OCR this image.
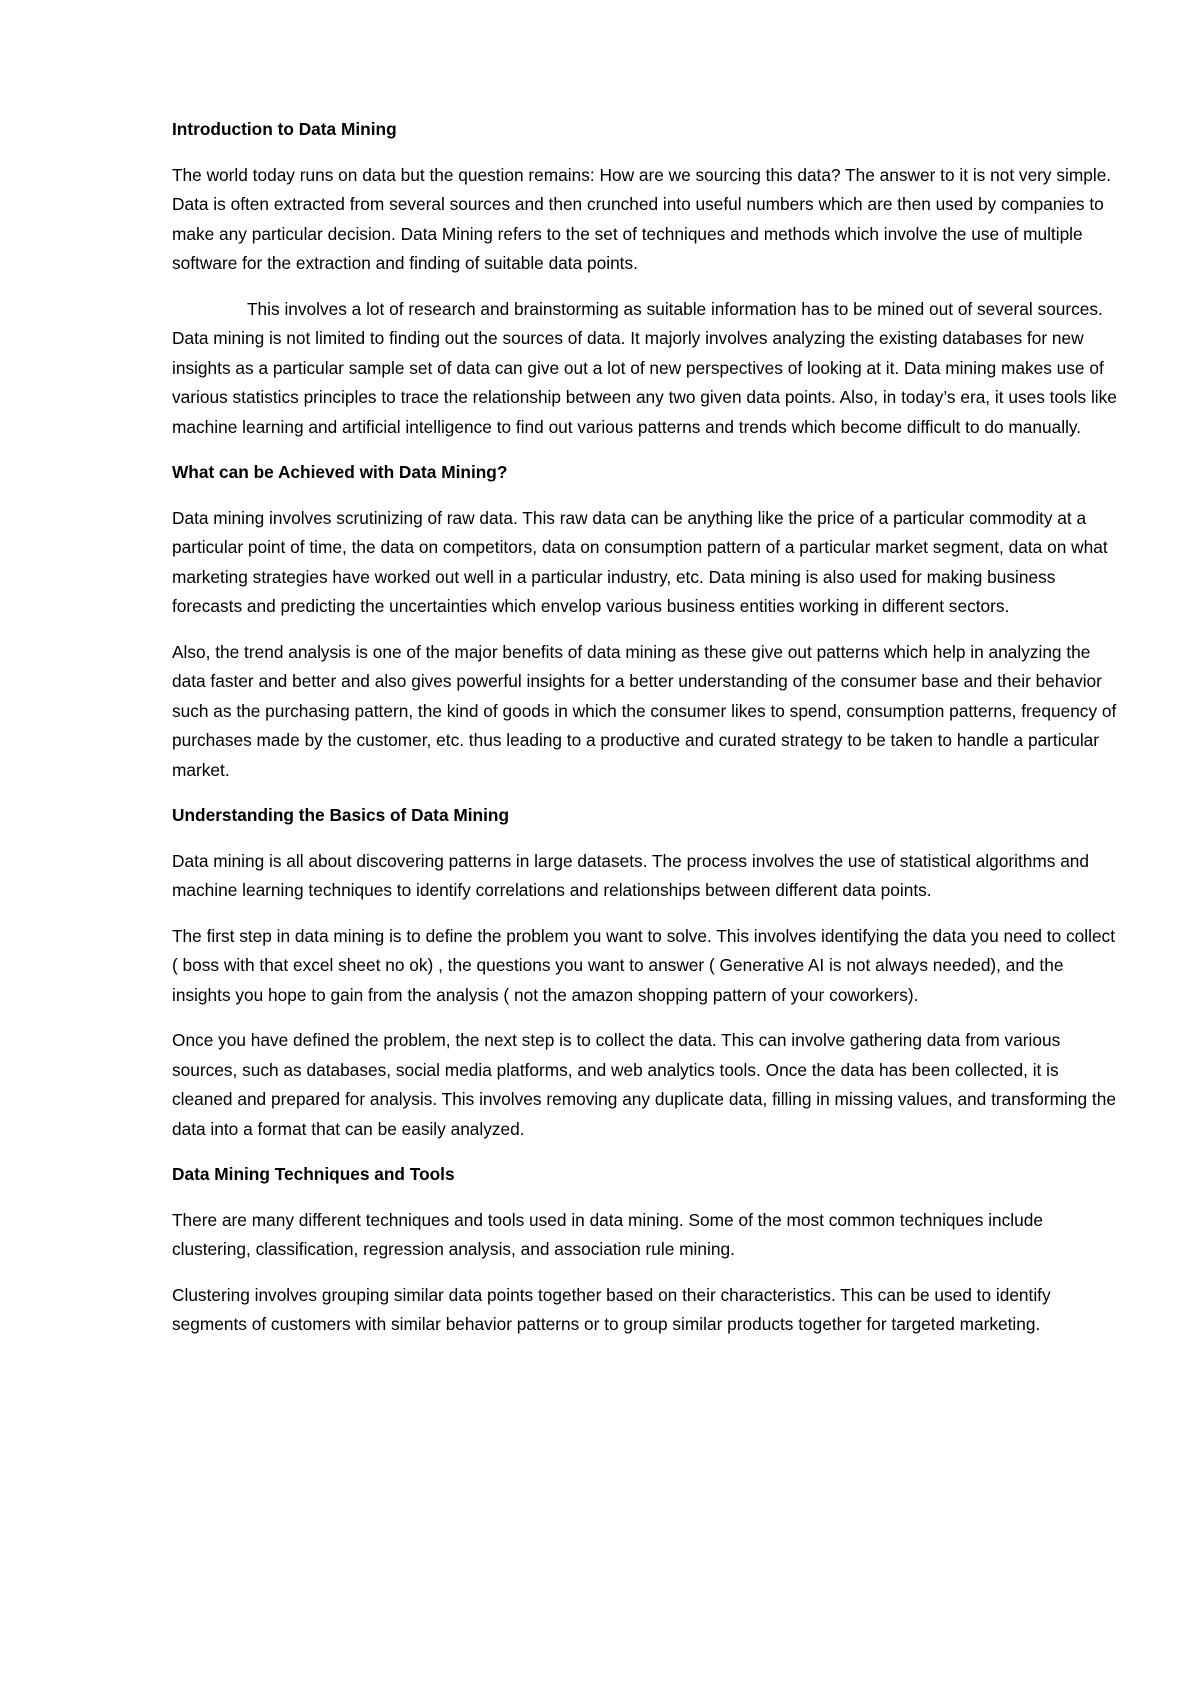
Introduction to Data Mining

The world today runs on data but the question remains: How are we sourcing this data? The answer to it is not very simple. Data is often extracted from several sources and then crunched into useful numbers which are then used by companies to make any particular decision. Data Mining refers to the set of techniques and methods which involve the use of multiple software for the extraction and finding of suitable data points.

This involves a lot of research and brainstorming as suitable information has to be mined out of several sources. Data mining is not limited to finding out the sources of data. It majorly involves analyzing the existing databases for new insights as a particular sample set of data can give out a lot of new perspectives of looking at it. Data mining makes use of various statistics principles to trace the relationship between any two given data points. Also, in today’s era, it uses tools like machine learning and artificial intelligence to find out various patterns and trends which become difficult to do manually.

What can be Achieved with Data Mining?

Data mining involves scrutinizing of raw data. This raw data can be anything like the price of a particular commodity at a particular point of time, the data on competitors, data on consumption pattern of a particular market segment, data on what marketing strategies have worked out well in a particular industry, etc. Data mining is also used for making business forecasts and predicting the uncertainties which envelop various business entities working in different sectors.

Also, the trend analysis is one of the major benefits of data mining as these give out patterns which help in analyzing the data faster and better and also gives powerful insights for a better understanding of the consumer base and their behavior such as the purchasing pattern, the kind of goods in which the consumer likes to spend, consumption patterns, frequency of purchases made by the customer, etc. thus leading to a productive and curated strategy to be taken to handle a particular market.

Understanding the Basics of Data Mining

Data mining is all about discovering patterns in large datasets. The process involves the use of statistical algorithms and machine learning techniques to identify correlations and relationships between different data points.

The first step in data mining is to define the problem you want to solve. This involves identifying the data you need to collect ( boss with that excel sheet no ok) , the questions you want to answer ( Generative AI is not always needed), and the insights you hope to gain from the analysis ( not the amazon shopping pattern of your coworkers).

Once you have defined the problem, the next step is to collect the data. This can involve gathering data from various sources, such as databases, social media platforms, and web analytics tools. Once the data has been collected, it is cleaned and prepared for analysis. This involves removing any duplicate data, filling in missing values, and transforming the data into a format that can be easily analyzed.

Data Mining Techniques and Tools

There are many different techniques and tools used in data mining. Some of the most common techniques include clustering, classification, regression analysis, and association rule mining.

Clustering involves grouping similar data points together based on their characteristics. This can be used to identify segments of customers with similar behavior patterns or to group similar products together for targeted marketing.
